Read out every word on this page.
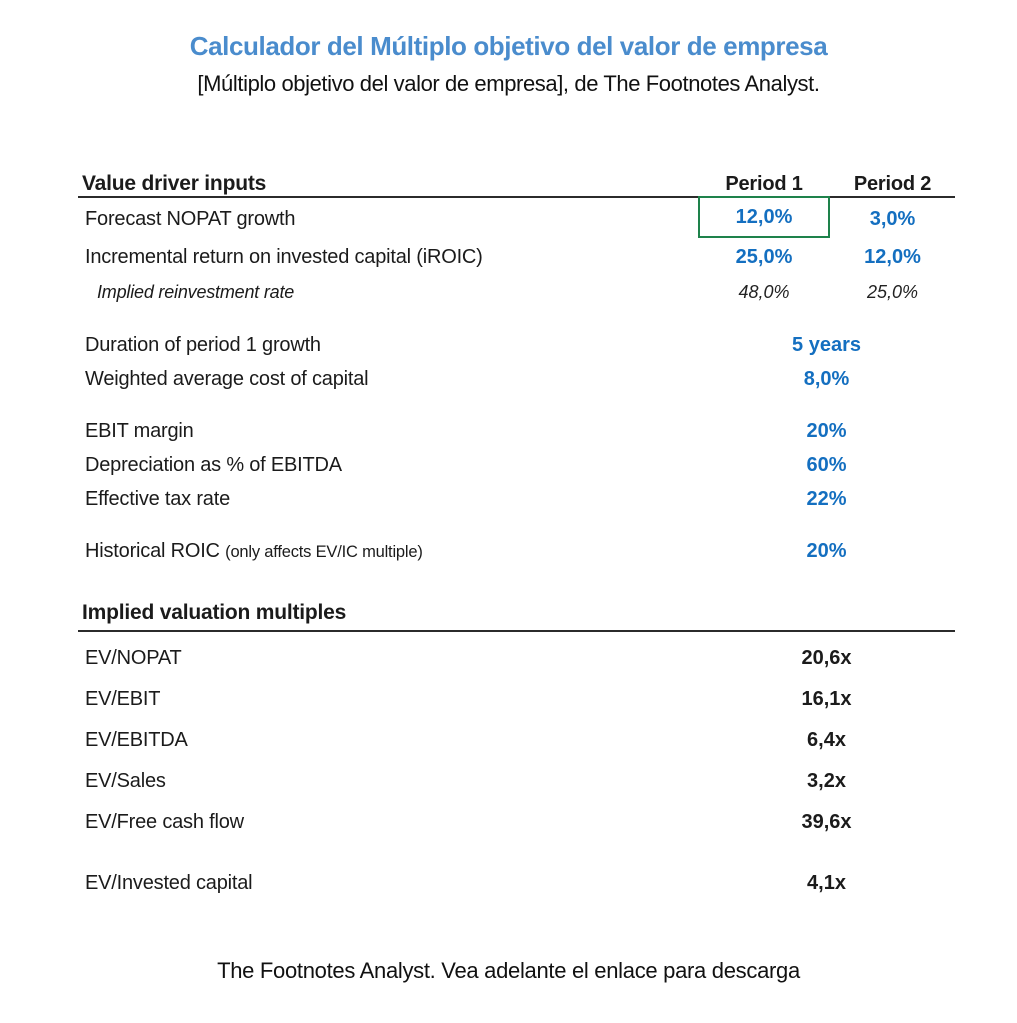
Calculador del Múltiplo objetivo del valor de empresa
[Múltiplo objetivo del valor de empresa], de The Footnotes Analyst.
Value driver inputs	Period 1	Period 2
Forecast NOPAT growth	12,0%	3,0%
Incremental return on invested capital (iROIC)	25,0%	12,0%
Implied reinvestment rate	48,0%	25,0%
Duration of period 1 growth	5 years
Weighted average cost of capital	8,0%
EBIT margin	20%
Depreciation as % of EBITDA	60%
Effective tax rate	22%
Historical ROIC (only affects EV/IC multiple)	20%
Implied valuation multiples
EV/NOPAT	20,6x
EV/EBIT	16,1x
EV/EBITDA	6,4x
EV/Sales	3,2x
EV/Free cash flow	39,6x
EV/Invested capital	4,1x
The Footnotes Analyst. Vea adelante el enlace para descarga
